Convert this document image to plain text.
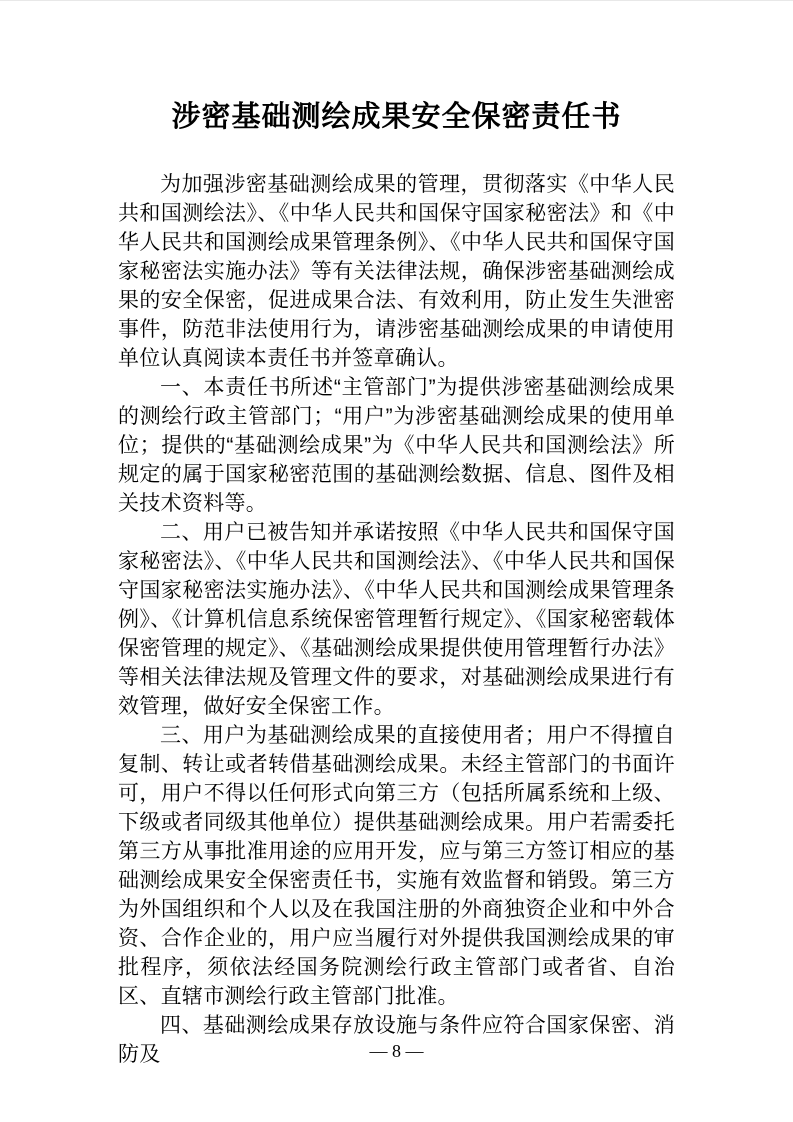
涉密基础测绘成果安全保密责任书

为加强涉密基础测绘成果的管理，贯彻落实《中华人民共和国测绘法》、《中华人民共和国保守国家秘密法》和《中华人民共和国测绘成果管理条例》、《中华人民共和国保守国家秘密法实施办法》等有关法律法规，确保涉密基础测绘成果的安全保密，促进成果合法、有效利用，防止发生失泄密事件，防范非法使用行为，请涉密基础测绘成果的申请使用单位认真阅读本责任书并签章确认。

一、本责任书所述“主管部门”为提供涉密基础测绘成果的测绘行政主管部门；“用户”为涉密基础测绘成果的使用单位；提供的“基础测绘成果”为《中华人民共和国测绘法》所规定的属于国家秘密范围的基础测绘数据、信息、图件及相关技术资料等。

二、用户已被告知并承诺按照《中华人民共和国保守国家秘密法》、《中华人民共和国测绘法》、《中华人民共和国保守国家秘密法实施办法》、《中华人民共和国测绘成果管理条例》、《计算机信息系统保密管理暂行规定》、《国家秘密载体保密管理的规定》、《基础测绘成果提供使用管理暂行办法》等相关法律法规及管理文件的要求，对基础测绘成果进行有效管理，做好安全保密工作。

三、用户为基础测绘成果的直接使用者；用户不得擅自复制、转让或者转借基础测绘成果。未经主管部门的书面许可，用户不得以任何形式向第三方（包括所属系统和上级、下级或者同级其他单位）提供基础测绘成果。用户若需委托第三方从事批准用途的应用开发，应与第三方签订相应的基础测绘成果安全保密责任书，实施有效监督和销毁。第三方为外国组织和个人以及在我国注册的外商独资企业和中外合资、合作企业的，用户应当履行对外提供我国测绘成果的审批程序，须依法经国务院测绘行政主管部门或者省、自治区、直辖市测绘行政主管部门批准。

四、基础测绘成果存放设施与条件应符合国家保密、消防及	— 8 —
